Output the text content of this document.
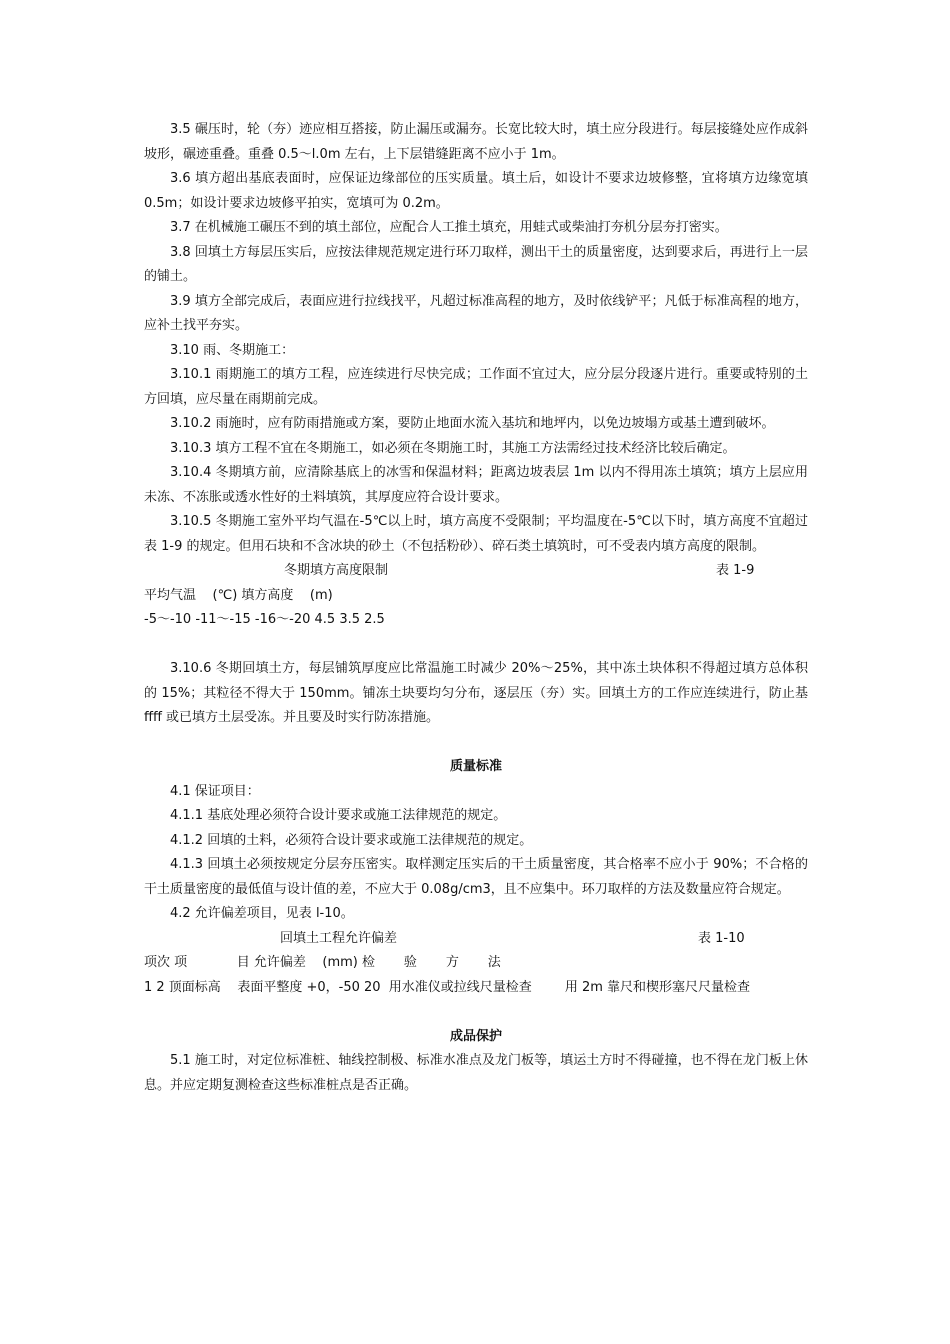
3.5 碾压时，轮（夯）迹应相互搭接，防止漏压或漏夯。长宽比较大时，填土应分段进行。每层接缝处应作成斜坡形，碾迹重叠。重叠 0.5～l.0m 左右，上下层错缝距离不应小于 1m。

3.6 填方超出基底表面时，应保证边缘部位的压实质量。填土后，如设计不要求边坡修整，宜将填方边缘宽填 0.5m；如设计要求边坡修平拍实，宽填可为 0.2m。

3.7 在机械施工碾压不到的填土部位，应配合人工推土填充，用蛙式或柴油打夯机分层夯打密实。

3.8 回填土方每层压实后，应按法律规范规定进行环刀取样，测出干土的质量密度，达到要求后，再进行上一层的铺土。

3.9 填方全部完成后，表面应进行拉线找平，凡超过标准高程的地方，及时依线铲平；凡低于标准高程的地方，应补土找平夯实。

3.10 雨、冬期施工：

3.10.1 雨期施工的填方工程，应连续进行尽快完成；工作面不宜过大，应分层分段逐片进行。重要或特别的土方回填，应尽量在雨期前完成。

3.10.2 雨施时，应有防雨措施或方案，要防止地面水流入基坑和地坪内，以免边坡塌方或基土遭到破坏。

3.10.3 填方工程不宜在冬期施工，如必须在冬期施工时，其施工方法需经过技术经济比较后确定。

3.10.4 冬期填方前，应清除基底上的冰雪和保温材料；距离边坡表层 1m 以内不得用冻土填筑；填方上层应用未冻、不冻胀或透水性好的土料填筑，其厚度应符合设计要求。

3.10.5 冬期施工室外平均气温在-5℃以上时，填方高度不受限制；平均温度在-5℃以下时，填方高度不宜超过表 1-9 的规定。但用石块和不含冰块的砂土（不包括粉砂）、碎石类土填筑时，可不受表内填方高度的限制。

冬期填方高度限制	表 1-9

平均气温    (℃) 填方高度    (m)

-5～-10 -11～-15 -16～-20 4.5 3.5 2.5

3.10.6 冬期回填土方，每层铺筑厚度应比常温施工时减少 20%～25%，其中冻土块体积不得超过填方总体积的 15%；其粒径不得大于 150mm。铺冻土块要均匀分布，逐层压（夯）实。回填土方的工作应连续进行，防止基 ffff 或已填方土层受冻。并且要及时实行防冻措施。

质量标准

4.1 保证项目：

4.1.1 基底处理必须符合设计要求或施工法律规范的规定。

4.1.2 回填的土料，必须符合设计要求或施工法律规范的规定。

4.1.3 回填土必须按规定分层夯压密实。取样测定压实后的干土质量密度，其合格率不应小于 90%；不合格的干土质量密度的最低值与设计值的差，不应大于 0.08g/cm3，且不应集中。环刀取样的方法及数量应符合规定。

4.2 允许偏差项目，见表 l-10。

回填土工程允许偏差	表 1-10

项次 项            目 允许偏差    (mm) 检       验       方       法

1 2 顶面标高    表面平整度 +0，-50 20  用水准仪或拉线尺量检查        用 2m 靠尺和楔形塞尺尺量检查

成品保护

5.1 施工时，对定位标准桩、轴线控制极、标准水准点及龙门板等，填运土方时不得碰撞，也不得在龙门板上休息。并应定期复测检查这些标准桩点是否正确。
